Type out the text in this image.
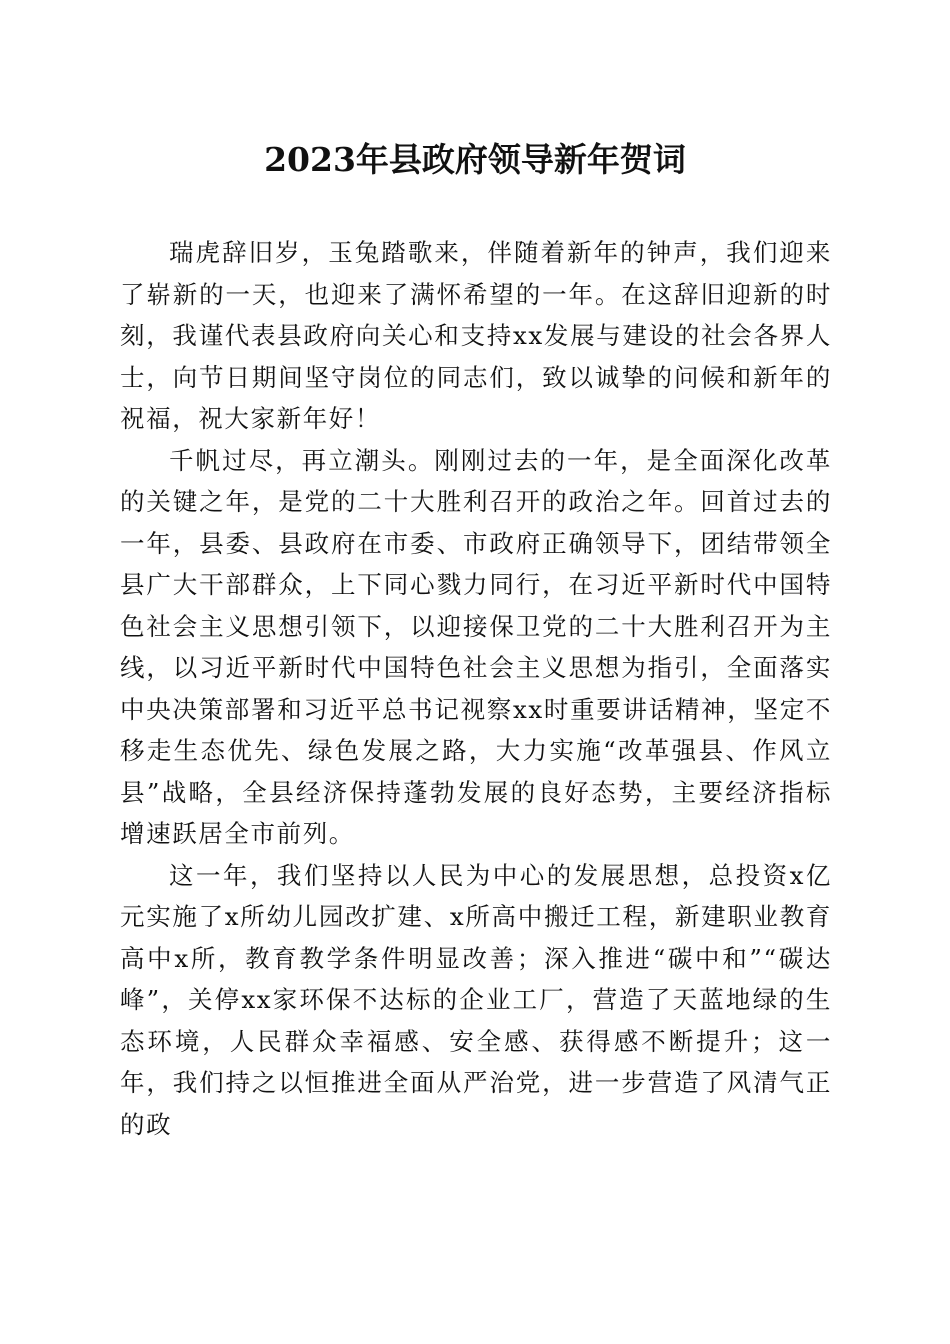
2023年县政府领导新年贺词

瑞虎辞旧岁，玉兔踏歌来，伴随着新年的钟声，我们迎来了崭新的一天，也迎来了满怀希望的一年。在这辞旧迎新的时刻，我谨代表县政府向关心和支持xx发展与建设的社会各界人士，向节日期间坚守岗位的同志们，致以诚挚的问候和新年的祝福，祝大家新年好！

千帆过尽，再立潮头。刚刚过去的一年，是全面深化改革的关键之年，是党的二十大胜利召开的政治之年。回首过去的一年，县委、县政府在市委、市政府正确领导下，团结带领全县广大干部群众，上下同心戮力同行，在习近平新时代中国特色社会主义思想引领下，以迎接保卫党的二十大胜利召开为主线，以习近平新时代中国特色社会主义思想为指引，全面落实中央决策部署和习近平总书记视察xx时重要讲话精神，坚定不移走生态优先、绿色发展之路，大力实施“改革强县、作风立县”战略，全县经济保持蓬勃发展的良好态势，主要经济指标增速跃居全市前列。

这一年，我们坚持以人民为中心的发展思想，总投资x亿元实施了x所幼儿园改扩建、x所高中搬迁工程，新建职业教育高中x所，教育教学条件明显改善；深入推进“碳中和”“碳达峰”，关停xx家环保不达标的企业工厂，营造了天蓝地绿的生态环境，人民群众幸福感、安全感、获得感不断提升；这一年，我们持之以恒推进全面从严治党，进一步营造了风清气正的政
